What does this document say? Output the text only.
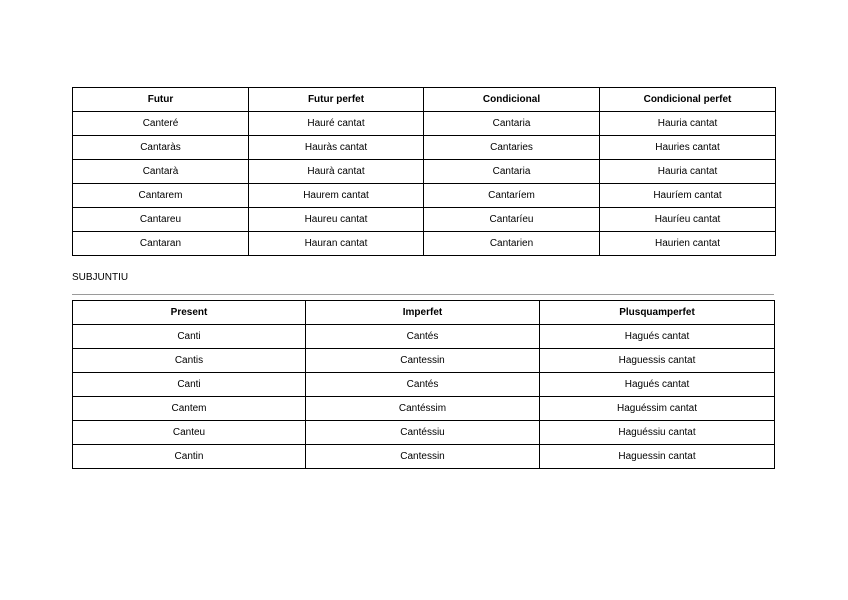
Futur	Futur perfet	Condicional	Condicional perfet
Canteré	Hauré cantat	Cantaria	Hauria cantat
Cantaràs	Hauràs cantat	Cantaries	Hauries cantat
Cantarà	Haurà cantat	Cantaria	Hauria cantat
Cantarem	Haurem cantat	Cantaríem	Hauríem cantat
Cantareu	Haureu cantat	Cantaríeu	Hauríeu cantat
Cantaran	Hauran cantat	Cantarien	Haurien cantat
SUBJUNTIU
Present	Imperfet	Plusquamperfet
Canti	Cantés	Hagués cantat
Cantis	Cantessin	Haguessis cantat
Canti	Cantés	Hagués cantat
Cantem	Cantéssim	Haguéssim cantat
Canteu	Cantéssiu	Haguéssiu cantat
Cantin	Cantessin	Haguessin cantat
